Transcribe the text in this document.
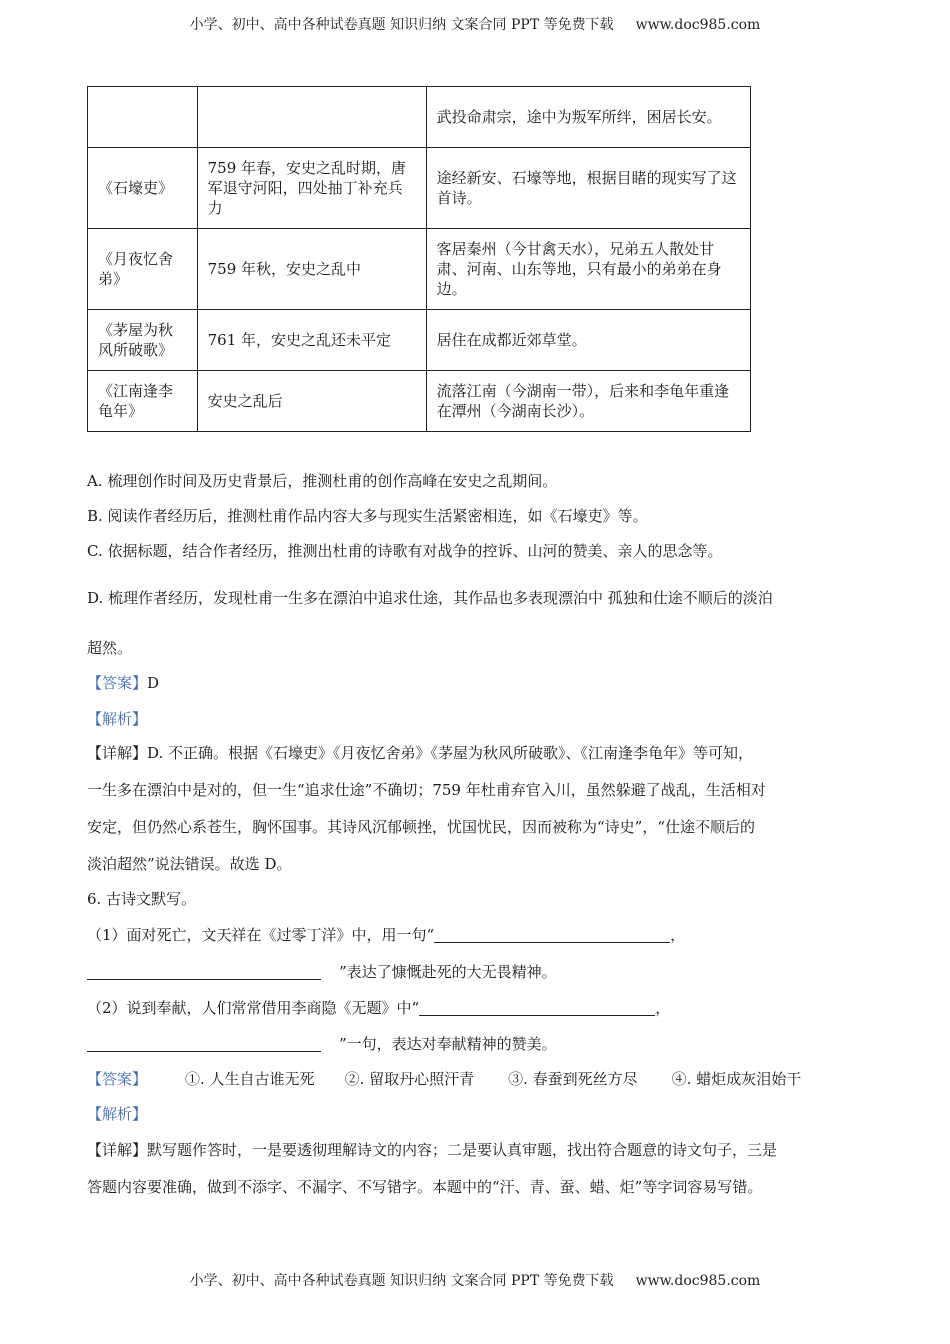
小学、初中、高中各种试卷真题 知识归纳 文案合同 PPT 等免费下载 www.doc985.com
		武投命肃宗，途中为叛军所绊，困居长安。
《石壕吏》	759 年春，安史之乱时期，唐军退守河阳，四处抽丁补充兵力	途经新安、石壕等地，根据目睹的现实写了这首诗。
《月夜忆舍弟》	759 年秋，安史之乱中	客居秦州（今甘禽天水），兄弟五人散处甘肃、河南、山东等地，只有最小的弟弟在身边。
《茅屋为秋风所破歌》	761 年，安史之乱还未平定	居住在成都近郊草堂。
《江南逢李龟年》	安史之乱后	流落江南（今湖南一带），后来和李龟年重逢在潭州（今湖南长沙）。
A. 梳理创作时间及历史背景后，推测杜甫的创作高峰在安史之乱期间。
B. 阅读作者经历后，推测杜甫作品内容大多与现实生活紧密相连，如《石壕吏》等。
C. 依据标题，结合作者经历，推测出杜甫的诗歌有对战争的控诉、山河的赞美、亲人的思念等。
D. 梳理作者经历，发现杜甫一生多在漂泊中追求仕途，其作品也多表现漂泊中 孤独和仕途不顺后的淡泊
超然。
【答案】D
【解析】
【详解】D. 不正确。根据《石壕吏》《月夜忆舍弟》《茅屋为秋风所破歌》、《江南逢李龟年》等可知，
一生多在漂泊中是对的，但一生“追求仕途”不确切；759 年杜甫弃官入川，虽然躲避了战乱，生活相对
安定，但仍然心系苍生，胸怀国事。其诗风沉郁顿挫，忧国忧民，因而被称为“诗史”，“仕途不顺后的
淡泊超然”说法错误。故选 D。
6. 古诗文默写。
（1）面对死亡，文天祥在《过零丁洋》中，用一句“	，
”表达了慷慨赴死的大无畏精神。
（2）说到奉献，人们常常借用李商隐《无题》中“	，
”一句，表达对奉献精神的赞美。
【答案】	①. 人生自古谁无死 ②. 留取丹心照汗青 ③. 春蚕到死丝方尽 ④. 蜡炬成灰泪始干
【解析】
【详解】默写题作答时，一是要透彻理解诗文的内容；二是要认真审题，找出符合题意的诗文句子，三是
答题内容要准确，做到不添字、不漏字、不写错字。本题中的“汗、青、蚕、蜡、炬”等字词容易写错。
小学、初中、高中各种试卷真题 知识归纳 文案合同 PPT 等免费下载 www.doc985.com
